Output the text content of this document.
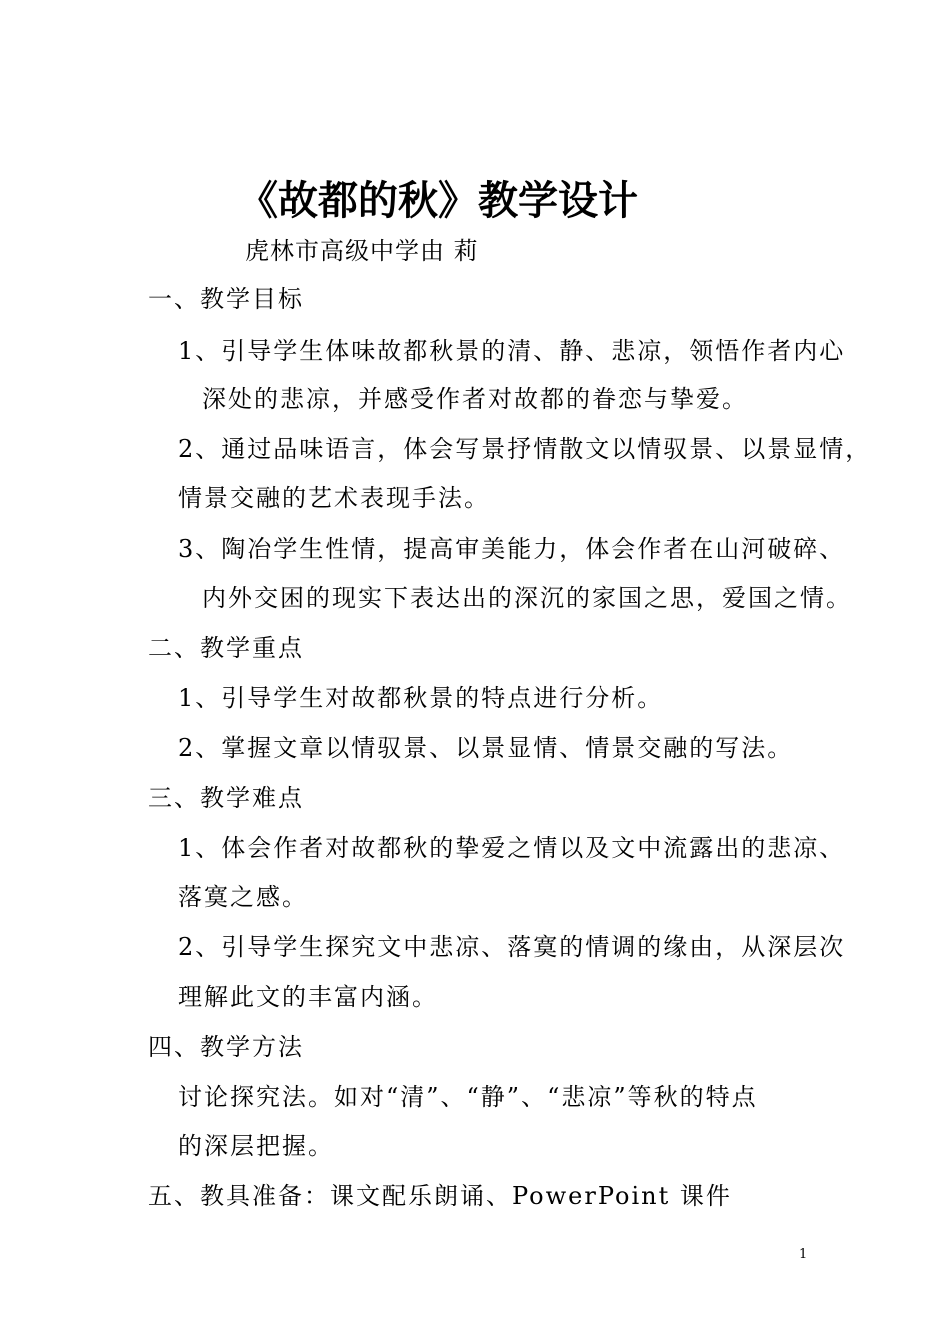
《故都的秋》教学设计
虎林市高级中学由 莉
一、教学目标
1、引导学生体味故都秋景的清、静、悲凉，领悟作者内心
深处的悲凉，并感受作者对故都的眷恋与挚爱。
2、通过品味语言，体会写景抒情散文以情驭景、以景显情，
情景交融的艺术表现手法。
3、陶冶学生性情，提高审美能力，体会作者在山河破碎、
内外交困的现实下表达出的深沉的家国之思，爱国之情。
二、教学重点
1、引导学生对故都秋景的特点进行分析。
2、掌握文章以情驭景、以景显情、情景交融的写法。
三、教学难点
1、体会作者对故都秋的挚爱之情以及文中流露出的悲凉、
落寞之感。
2、引导学生探究文中悲凉、落寞的情调的缘由，从深层次
理解此文的丰富内涵。
四、教学方法
讨论探究法。如对“清”、“静”、“悲凉”等秋的特点
的深层把握。
五、教具准备：课文配乐朗诵、PowerPoint 课件
1
